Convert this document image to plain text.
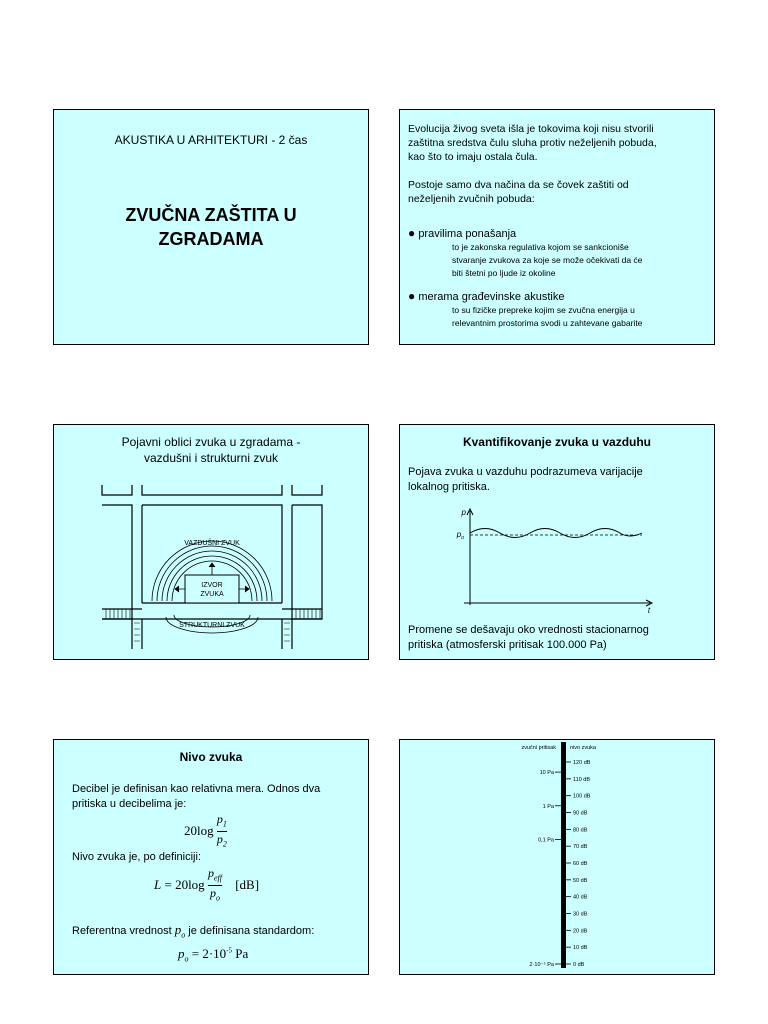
AKUSTIKA U ARHITEKTURI - 2 čas
ZVUČNA ZAŠTITA U
ZGRADAMA
Evolucija živog sveta išla je tokovima koji nisu stvorili
zaštitna sredstva čulu sluha protiv neželjenih pobuda,
kao što to imaju ostala čula.
Postoje samo dva načina da se čovek zaštiti od
neželjenih zvučnih pobuda:
● pravilima ponašanja
to je zakonska regulativa kojom se sankcioniše
stvaranje zvukova za koje se može očekivati da će
biti štetni po ljude iz okoline
● merama građevinske akustike
to su fizičke prepreke kojim se zvučna energija u
relevantnim prostorima svodi u zahtevane gabarite
Pojavni oblici zvuka u zgradama -
vazdušni i strukturni zvuk
VAZDUŠNI ZVUK
IZVOR
ZVUKA
STRUKTURNI ZVUK
Kvantifikovanje zvuka u vazduhu
Pojava zvuka u vazduhu podrazumeva varijacije
lokalnog pritiska.
p
$p_o$
t
Promene se dešavaju oko vrednosti stacionarnog
pritiska (atmosferski pritisak 100.000 Pa)
Nivo zvuka
Decibel je definisan kao relativna mera. Odnos dva
pritiska u decibelima je:
$20\log \frac{p_1}{p_2}$
Nivo zvuka je, po definiciji:
$L = 20\log \frac{p_{eff}}{p_o} [dB]$
Referentna vrednost $p_o$ je definisana standardom:
$p_o = 2\cdot 10^{-5}$ Pa
zvučni pritisak	nivo zvuka
120 dB
110 dB
100 dB
90 dB
80 dB
70 dB
60 dB
50 dB
40 dB
30 dB
20 dB
10 dB
0 dB
10 Pa
1 Pa
0,1 Pa
2·10⁻⁵ Pa
